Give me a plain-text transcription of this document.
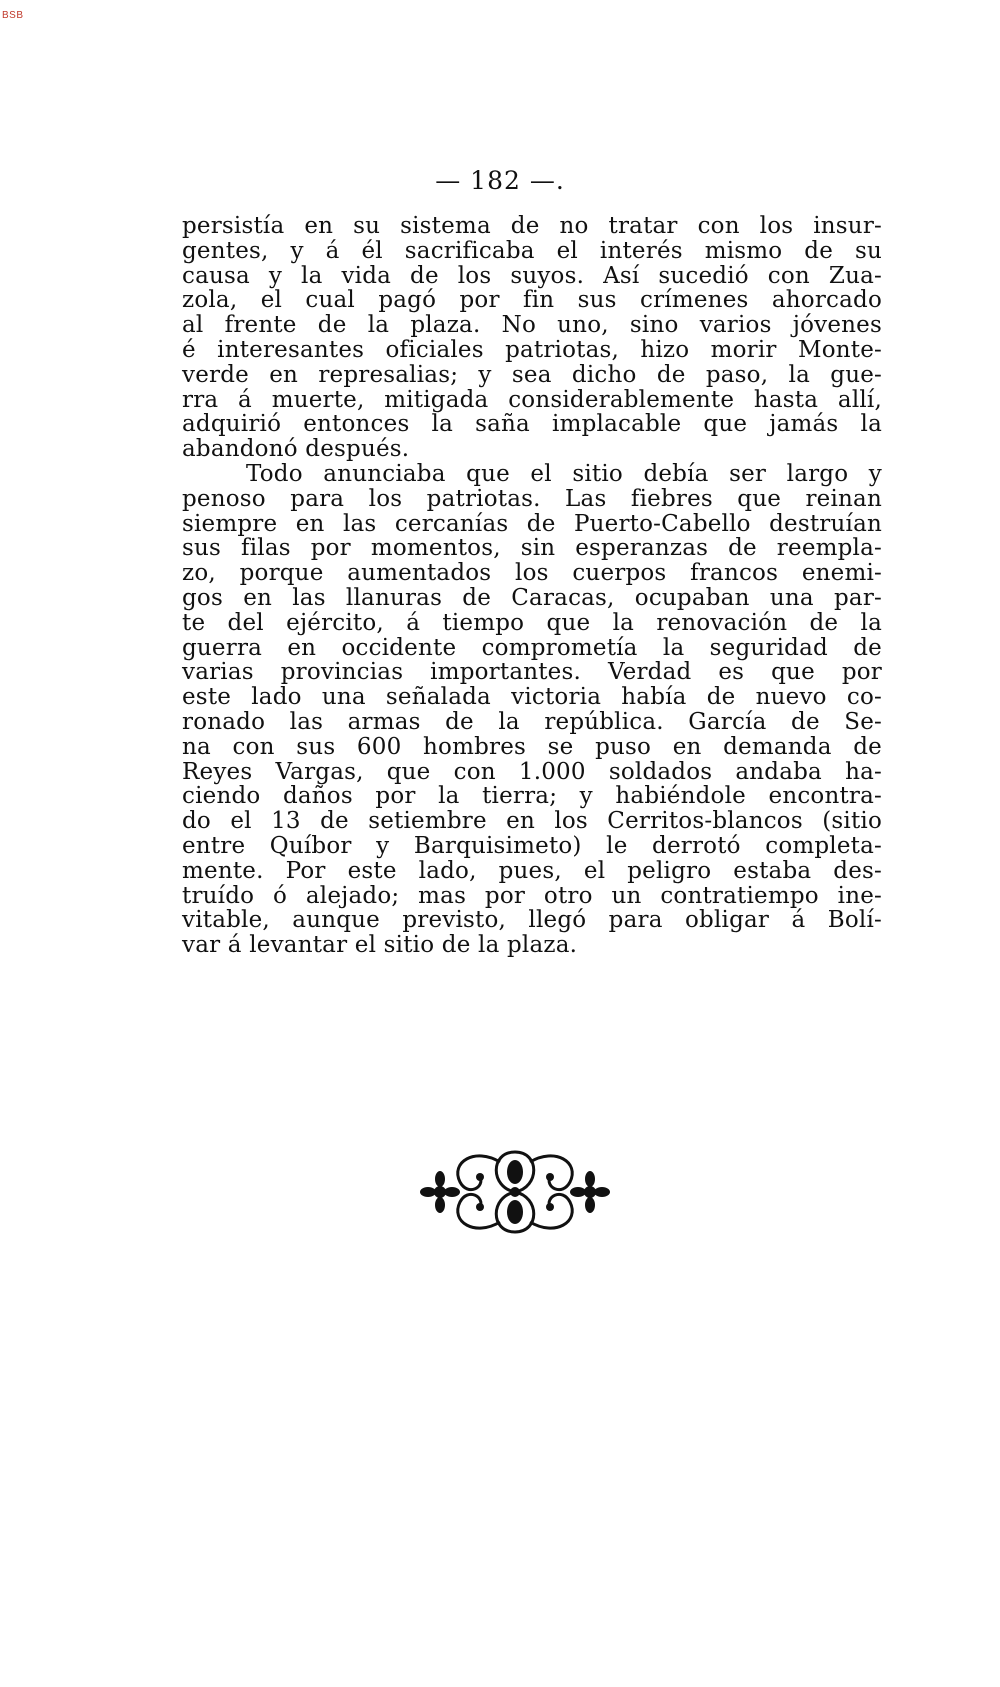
BSB
— 182 —.
persistía en su sistema de no tratar con los insur-
gentes, y á él sacrificaba el interés mismo de su
causa y la vida de los suyos. Así sucedió con Zua-
zola, el cual pagó por fin sus crímenes ahorcado
al frente de la plaza. No uno, sino varios jóvenes
é interesantes oficiales patriotas, hizo morir Monte-
verde en represalias; y sea dicho de paso, la gue-
rra á muerte, mitigada considerablemente hasta allí,
adquirió entonces la saña implacable que jamás la
abandonó después.
Todo anunciaba que el sitio debía ser largo y
penoso para los patriotas. Las fiebres que reinan
siempre en las cercanías de Puerto-Cabello destruían
sus filas por momentos, sin esperanzas de reempla-
zo, porque aumentados los cuerpos francos enemi-
gos en las llanuras de Caracas, ocupaban una par-
te del ejército, á tiempo que la renovación de la
guerra en occidente comprometía la seguridad de
varias provincias importantes. Verdad es que por
este lado una señalada victoria había de nuevo co-
ronado las armas de la república. García de Se-
na con sus 600 hombres se puso en demanda de
Reyes Vargas, que con 1.000 soldados andaba ha-
ciendo daños por la tierra; y habiéndole encontra-
do el 13 de setiembre en los Cerritos-blancos (sitio
entre Quíbor y Barquisimeto) le derrotó completa-
mente. Por este lado, pues, el peligro estaba des-
truído ó alejado; mas por otro un contratiempo ine-
vitable, aunque previsto, llegó para obligar á Bolí-
var á levantar el sitio de la plaza.
